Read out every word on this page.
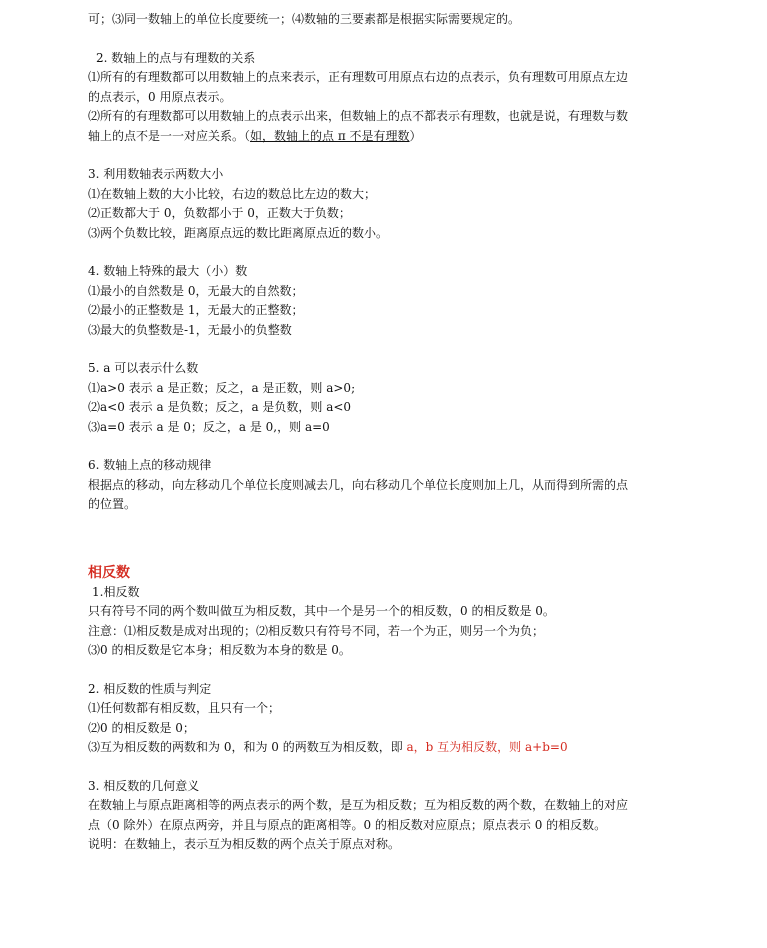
可；⑶同一数轴上的单位长度要统一；⑷数轴的三要素都是根据实际需要规定的。

2. 数轴上的点与有理数的关系

⑴所有的有理数都可以用数轴上的点来表示，正有理数可用原点右边的点表示，负有理数可用原点左边

的点表示，0 用原点表示。

⑵所有的有理数都可以用数轴上的点表示出来，但数轴上的点不都表示有理数，也就是说，有理数与数

轴上的点不是一一对应关系。（如，数轴上的点 π 不是有理数）

3. 利用数轴表示两数大小

⑴在数轴上数的大小比较，右边的数总比左边的数大；

⑵正数都大于 0，负数都小于 0，正数大于负数；

⑶两个负数比较，距离原点远的数比距离原点近的数小。

4. 数轴上特殊的最大（小）数

⑴最小的自然数是 0，无最大的自然数；

⑵最小的正整数是 1，无最大的正整数；

⑶最大的负整数是-1，无最小的负整数

5. a 可以表示什么数

⑴a>0 表示 a 是正数；反之，a 是正数，则 a>0;

⑵a<0 表示 a 是负数；反之，a 是负数，则 a<0

⑶a=0 表示 a 是 0；反之，a 是 0,，则 a=0

6. 数轴上点的移动规律

根据点的移动，向左移动几个单位长度则减去几，向右移动几个单位长度则加上几，从而得到所需的点

的位置。

相反数

1.相反数

只有符号不同的两个数叫做互为相反数，其中一个是另一个的相反数，0 的相反数是 0。

注意：⑴相反数是成对出现的；⑵相反数只有符号不同，若一个为正，则另一个为负；

⑶0 的相反数是它本身；相反数为本身的数是 0。

2. 相反数的性质与判定

⑴任何数都有相反数，且只有一个；

⑵0 的相反数是 0；

⑶互为相反数的两数和为 0，和为 0 的两数互为相反数，即 a，b 互为相反数，则 a+b=0

3. 相反数的几何意义

在数轴上与原点距离相等的两点表示的两个数，是互为相反数；互为相反数的两个数，在数轴上的对应

点（0 除外）在原点两旁，并且与原点的距离相等。0 的相反数对应原点；原点表示 0 的相反数。

说明：在数轴上，表示互为相反数的两个点关于原点对称。
